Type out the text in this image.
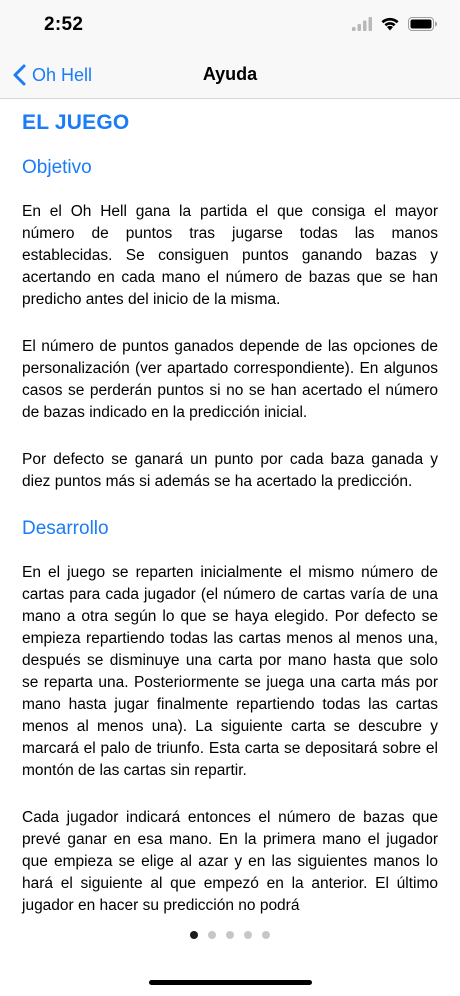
2:52
Oh Hell	Ayuda
EL JUEGO
Objetivo

En el Oh Hell gana la partida el que consiga el mayor número de puntos tras jugarse todas las manos establecidas. Se consiguen puntos ganando bazas y acertando en cada mano el número de bazas que se han predicho antes del inicio de la misma.

El número de puntos ganados depende de las opciones de personalización (ver apartado correspondiente). En algunos casos se perderán puntos si no se han acertado el número de bazas indicado en la predicción inicial.

Por defecto se ganará un punto por cada baza ganada y diez puntos más si además se ha acertado la predicción.

Desarrollo

En el juego se reparten inicialmente el mismo número de cartas para cada jugador (el número de cartas varía de una mano a otra según lo que se haya elegido. Por defecto se empieza repartiendo todas las cartas menos al menos una, después se disminuye una carta por mano hasta que solo se reparta una. Posteriormente se juega una carta más por mano hasta jugar finalmente repartiendo todas las cartas menos al menos una). La siguiente carta se descubre y marcará el palo de triunfo. Esta carta se depositará sobre el montón de las cartas sin repartir.

Cada jugador indicará entonces el número de bazas que prevé ganar en esa mano. En la primera mano el jugador que empieza se elige al azar y en las siguientes manos lo hará el siguiente al que empezó en la anterior. El último jugador en hacer su predicción no podrá
